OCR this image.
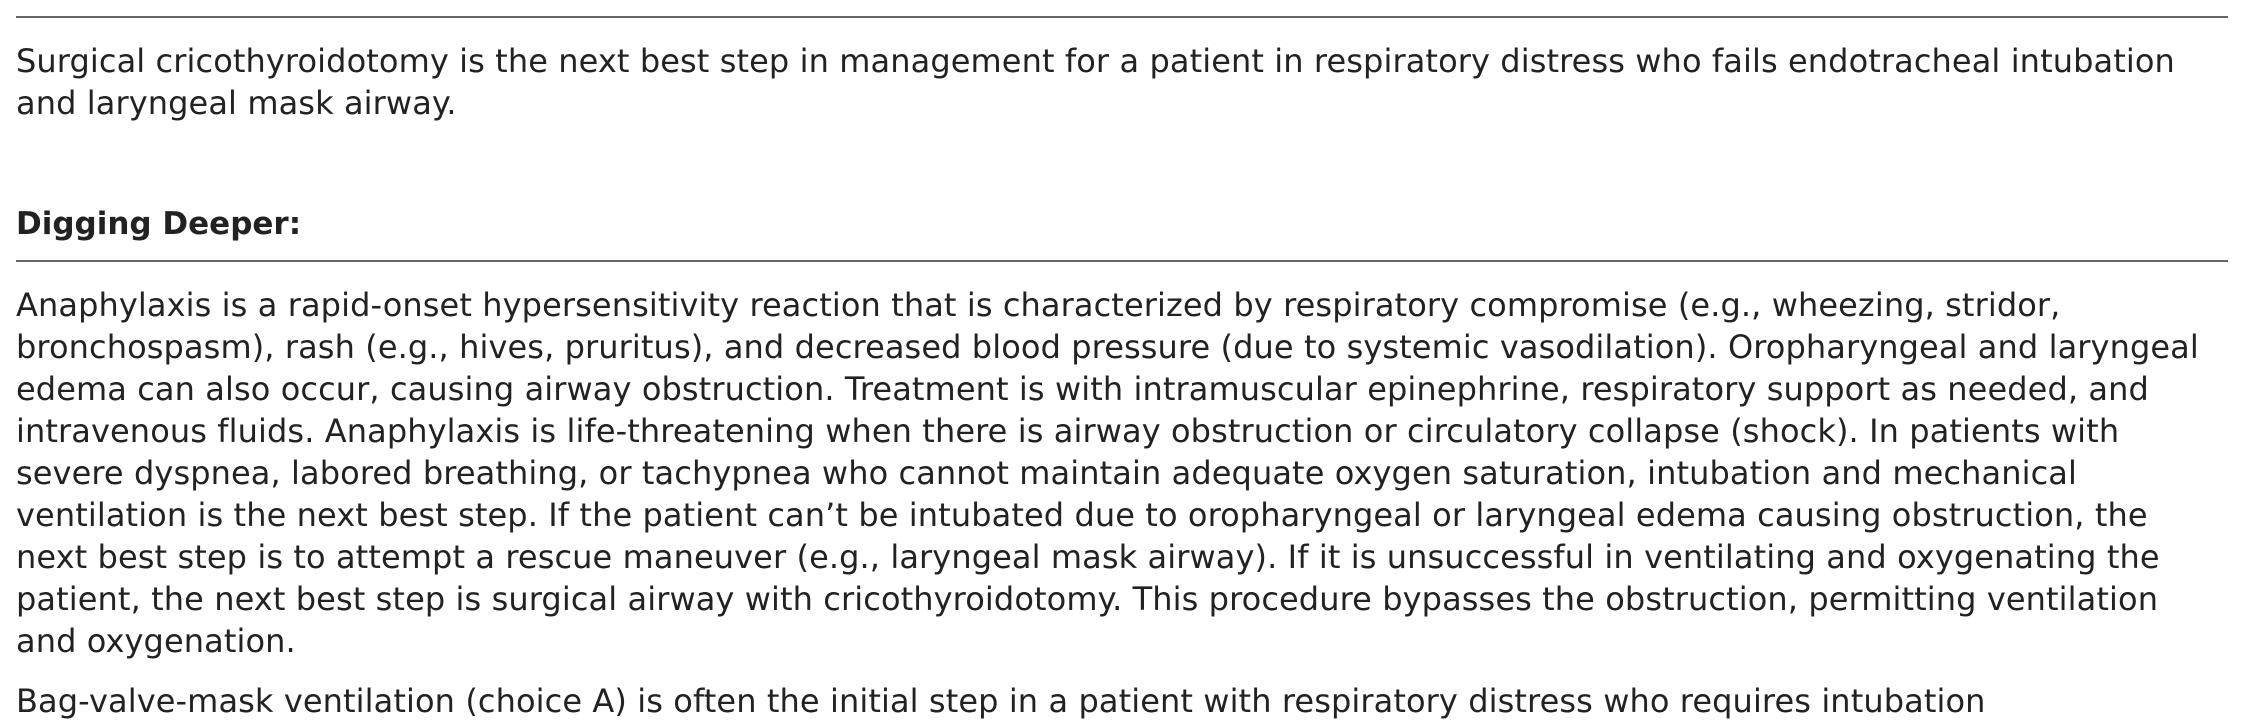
Surgical cricothyroidotomy is the next best step in management for a patient in respiratory distress who fails endotracheal intubation and laryngeal mask airway.

Digging Deeper:

Anaphylaxis is a rapid-onset hypersensitivity reaction that is characterized by respiratory compromise (e.g., wheezing, stridor, bronchospasm), rash (e.g., hives, pruritus), and decreased blood pressure (due to systemic vasodilation). Oropharyngeal and laryngeal edema can also occur, causing airway obstruction. Treatment is with intramuscular epinephrine, respiratory support as needed, and intravenous fluids. Anaphylaxis is life-threatening when there is airway obstruction or circulatory collapse (shock). In patients with severe dyspnea, labored breathing, or tachypnea who cannot maintain adequate oxygen saturation, intubation and mechanical ventilation is the next best step. If the patient can’t be intubated due to oropharyngeal or laryngeal edema causing obstruction, the next best step is to attempt a rescue maneuver (e.g., laryngeal mask airway). If it is unsuccessful in ventilating and oxygenating the patient, the next best step is surgical airway with cricothyroidotomy. This procedure bypasses the obstruction, permitting ventilation and oxygenation.

Bag-valve-mask ventilation (choice A) is often the initial step in a patient with respiratory distress who requires intubation
